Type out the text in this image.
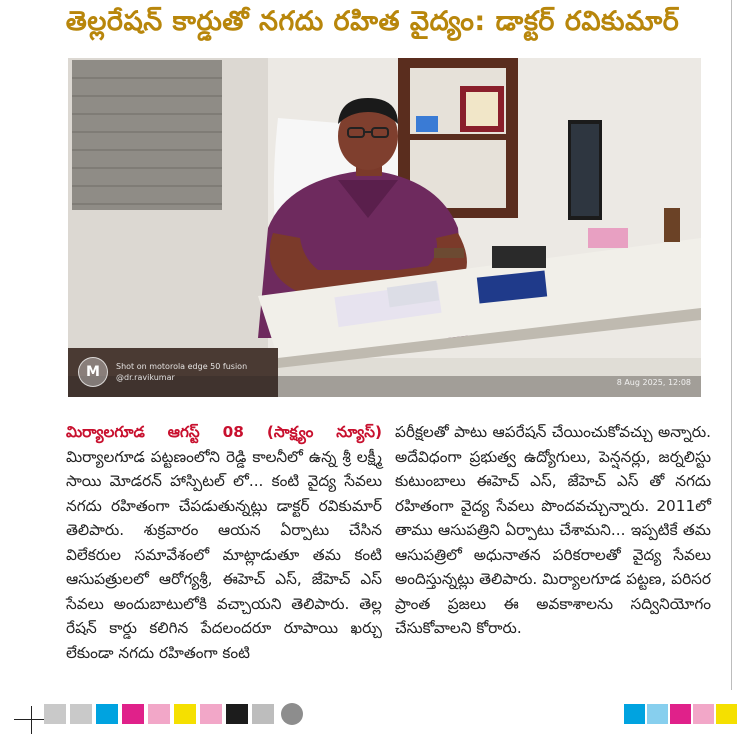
తెల్లరేషన్ కార్డుతో నగదు రహిత వైద్యం: డాక్టర్ రవికుమార్
M	Shot on motorola edge 50 fusion
@dr.ravikumar
8 Aug 2025, 12:08
మిర్యాలగూడ ఆగస్ట్ 08 (సాక్ష్యం న్యూస్) మిర్యాలగూడ పట్టణంలోని రెడ్డి కాలనీలో ఉన్న శ్రీ లక్ష్మీ సాయి మోడరన్ హాస్పిటల్ లో... కంటి వైద్య సేవలు నగదు రహితంగా చేపడుతున్నట్లు డాక్టర్ రవికుమార్ తెలిపారు. శుక్రవారం ఆయన ఏర్పాటు చేసిన విలేకరుల సమావేశంలో మాట్లాడుతూ తమ కంటి ఆసుపత్రులలో ఆరోగ్యశ్రీ, ఈహెచ్ ఎస్, జేహెచ్ ఎస్ సేవలు అందుబాటులోకి వచ్చాయని తెలిపారు. తెల్ల రేషన్ కార్డు కలిగిన పేదలందరూ రూపాయి ఖర్చు లేకుండా నగదు రహితంగా కంటి
పరీక్షలతో పాటు ఆపరేషన్ చేయించుకోవచ్చు అన్నారు. అదేవిధంగా ప్రభుత్వ ఉద్యోగులు, పెన్షనర్లు, జర్నలిస్టు కుటుంబాలు ఈహెచ్ ఎస్, జేహెచ్ ఎస్ తో నగదు రహితంగా వైద్య సేవలు పొందవచ్చున్నారు. 2011లో తాము ఆసుపత్రిని ఏర్పాటు చేశామని... ఇప్పటికే తమ ఆసుపత్రిలో అధునాతన పరికరాలతో వైద్య సేవలు అందిస్తున్నట్లు తెలిపారు. మిర్యాలగూడ పట్టణ, పరిసర ప్రాంత ప్రజలు ఈ అవకాశాలను సద్వినియోగం చేసుకోవాలని కోరారు.
